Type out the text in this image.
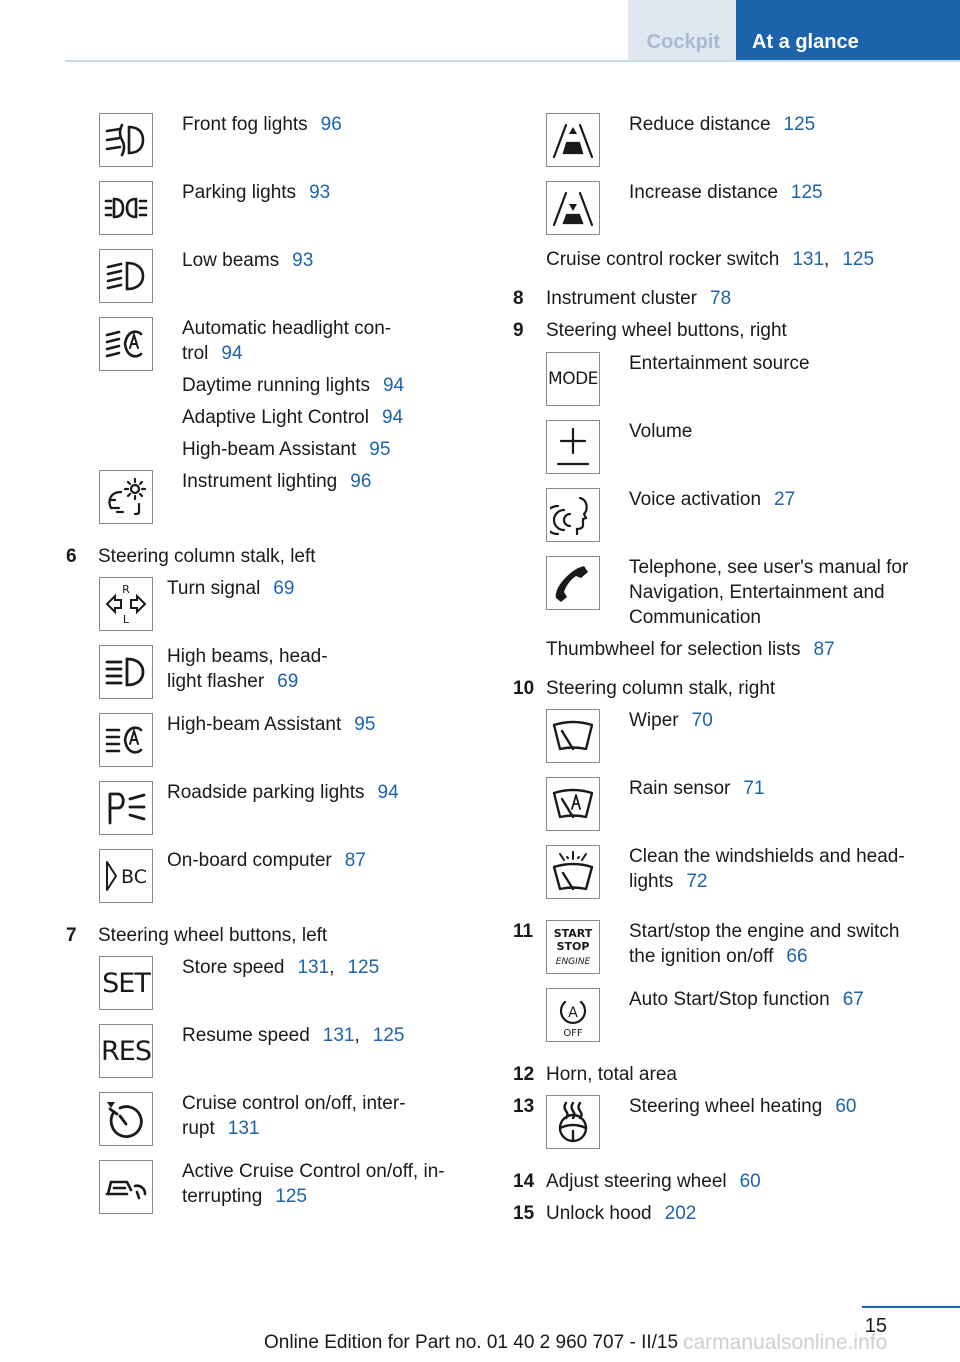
Cockpit At a glance
Front fog lights 96
Parking lights 93
Low beams 93
Automatic headlight con-
trol 94
Daytime running lights 94
Adaptive Light Control 94
High-beam Assistant 95
Instrument lighting 96
6 Steering column stalk, left
R
L
Turn signal 69
High beams, head-
light flasher 69
High-beam Assistant 95
Roadside parking lights 94
BC
On-board computer 87
7 Steering wheel buttons, left
SET Store speed 131, 125
RES Resume speed 131, 125
Cruise control on/off, inter-
rupt 131
Active Cruise Control on/off, in-
terrupting 125
Reduce distance 125
Increase distance 125
Cruise control rocker switch 131, 125
8 Instrument cluster 78
9 Steering wheel buttons, right
MODE
Entertainment source
Volume
Voice activation 27
Telephone, see user's manual for
Navigation, Entertainment and
Communication
Thumbwheel for selection lists 87
10 Steering column stalk, right
Wiper 70
Rain sensor 71
Clean the windshields and head-
lights 72
11 START
STOP
ENGINE
Start/stop the engine and switch
the ignition on/off 66
A
OFF
Auto Start/Stop function 67
12 Horn, total area
13	Steering wheel heating 60
14 Adjust steering wheel 60
15 Unlock hood 202
15
carmanualsonline.info
Online Edition for Part no. 01 40 2 960 707 - II/15
